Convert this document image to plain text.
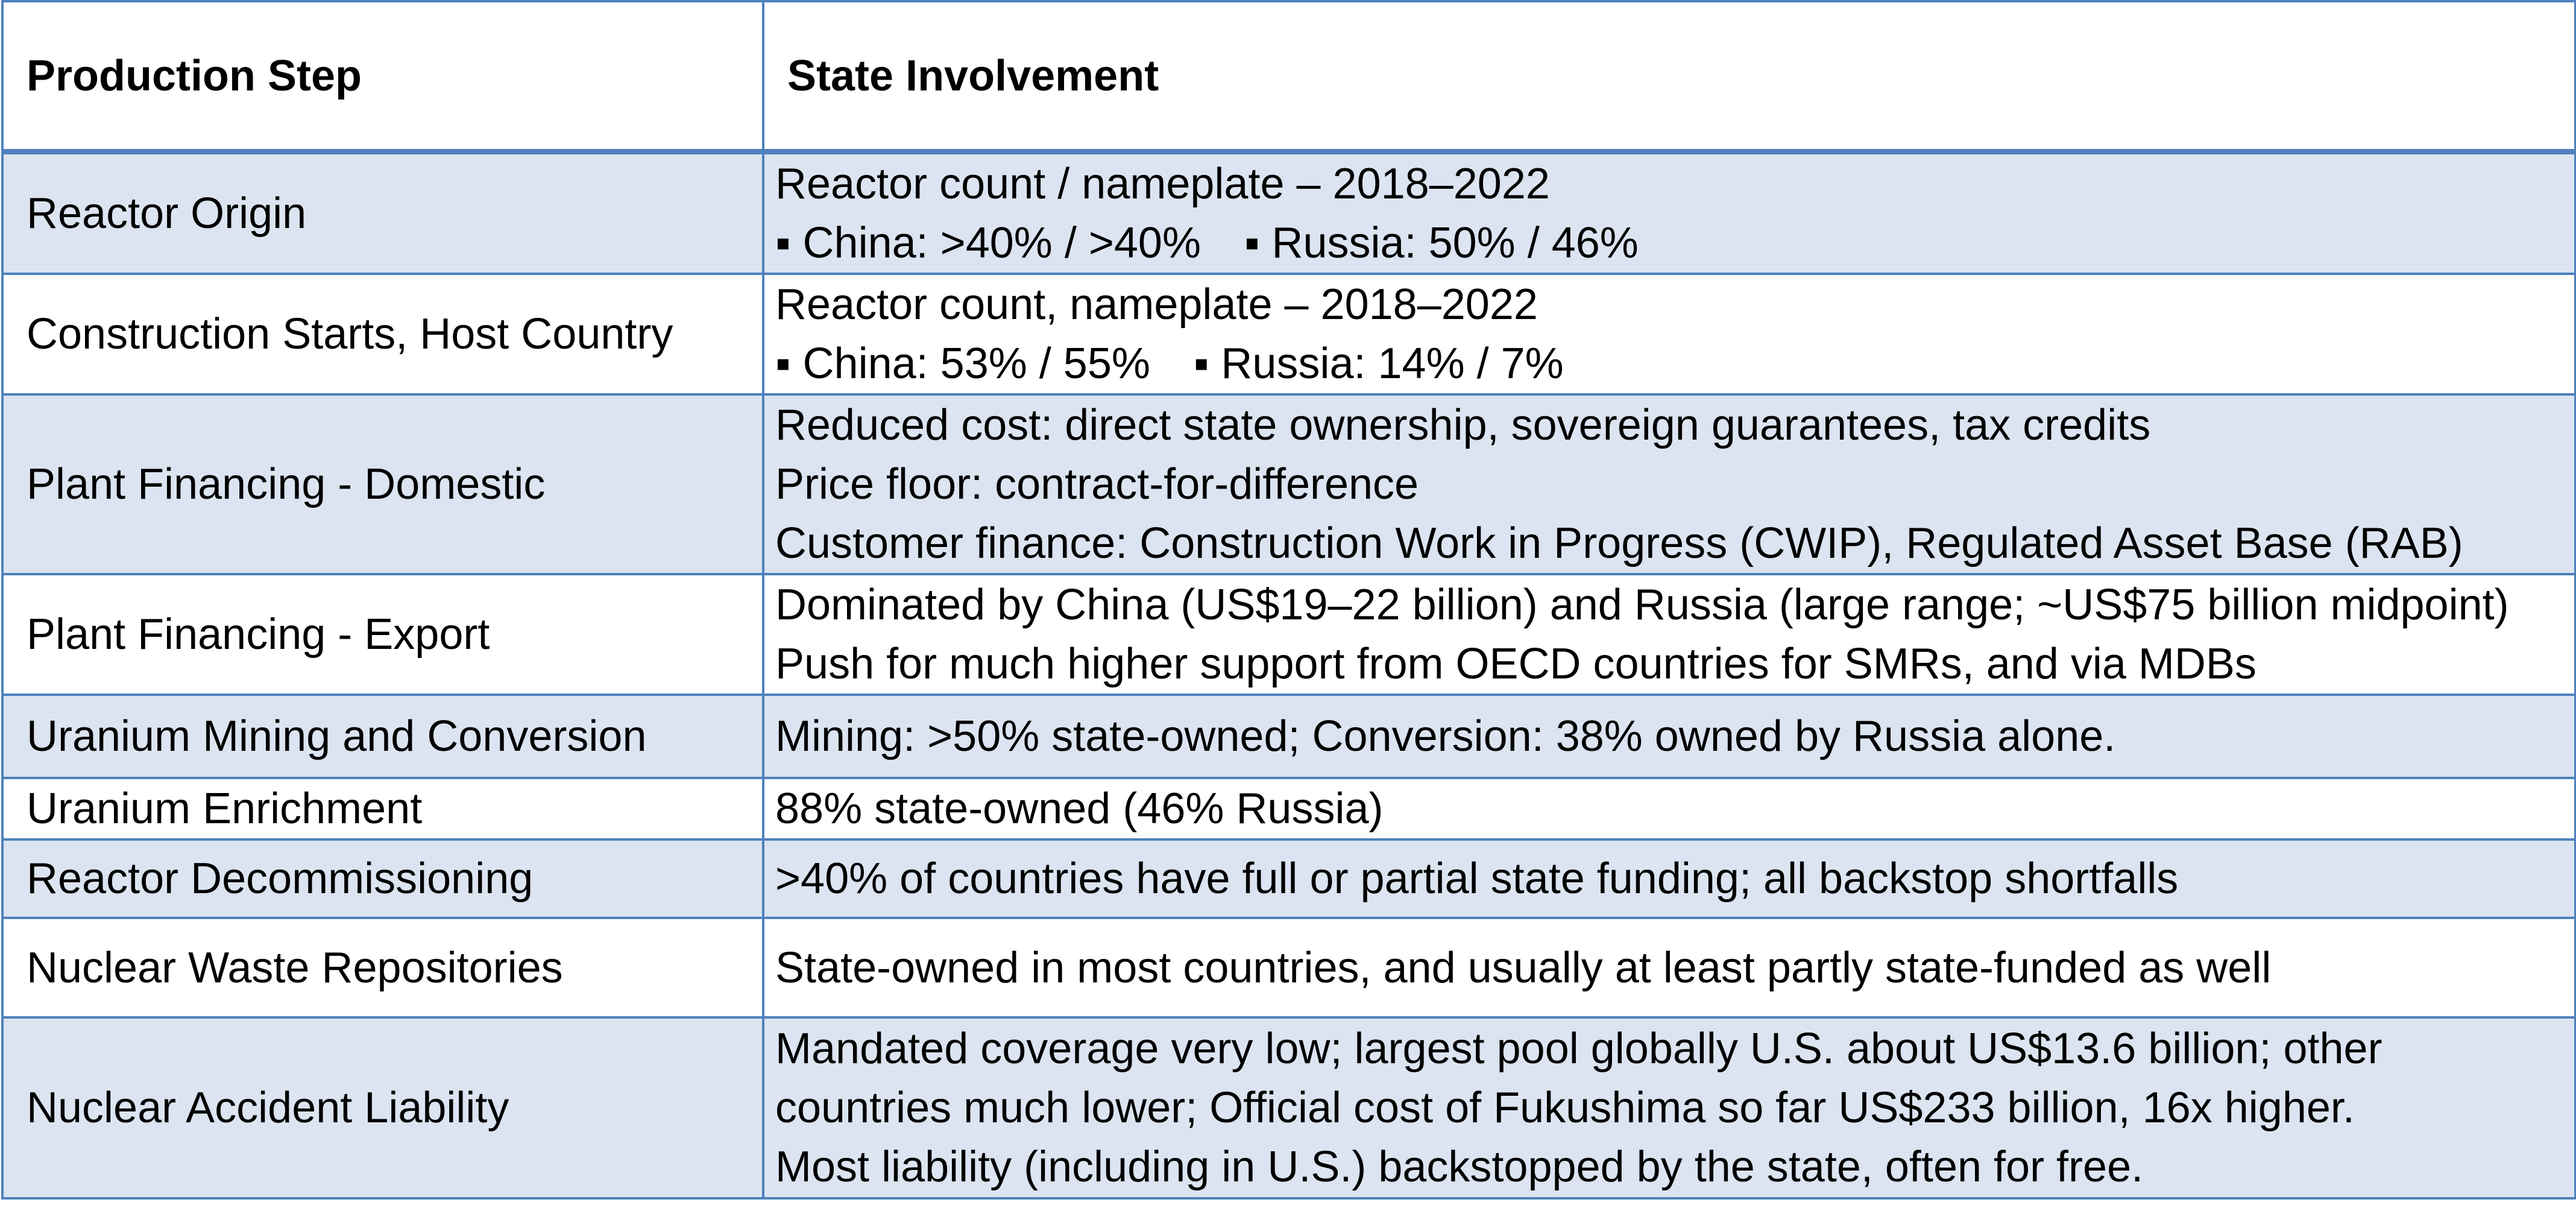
Production Step	State Involvement
Reactor Origin	Reactor count / nameplate – 2018–2022
▪ China: >40% / >40% ▪ Russia: 50% / 46%

Construction Starts, Host Country	Reactor count, nameplate – 2018–2022
▪ China: 53% / 55% ▪ Russia: 14% / 7%

Plant Financing - Domestic	Reduced cost: direct state ownership, sovereign guarantees, tax credits
Price floor: contract-for-difference
Customer finance: Construction Work in Progress (CWIP), Regulated Asset Base (RAB)

Plant Financing - Export	Dominated by China (US$19–22 billion) and Russia (large range; ~US$75 billion midpoint)
Push for much higher support from OECD countries for SMRs, and via MDBs

Uranium Mining and Conversion	Mining: >50% state-owned; Conversion: 38% owned by Russia alone.

Uranium Enrichment	88% state-owned (46% Russia)

Reactor Decommissioning	>40% of countries have full or partial state funding; all backstop shortfalls

Nuclear Waste Repositories	State-owned in most countries, and usually at least partly state-funded as well

Nuclear Accident Liability	Mandated coverage very low; largest pool globally U.S. about US$13.6 billion; other
countries much lower; Official cost of Fukushima so far US$233 billion, 16x higher.
Most liability (including in U.S.) backstopped by the state, often for free.
